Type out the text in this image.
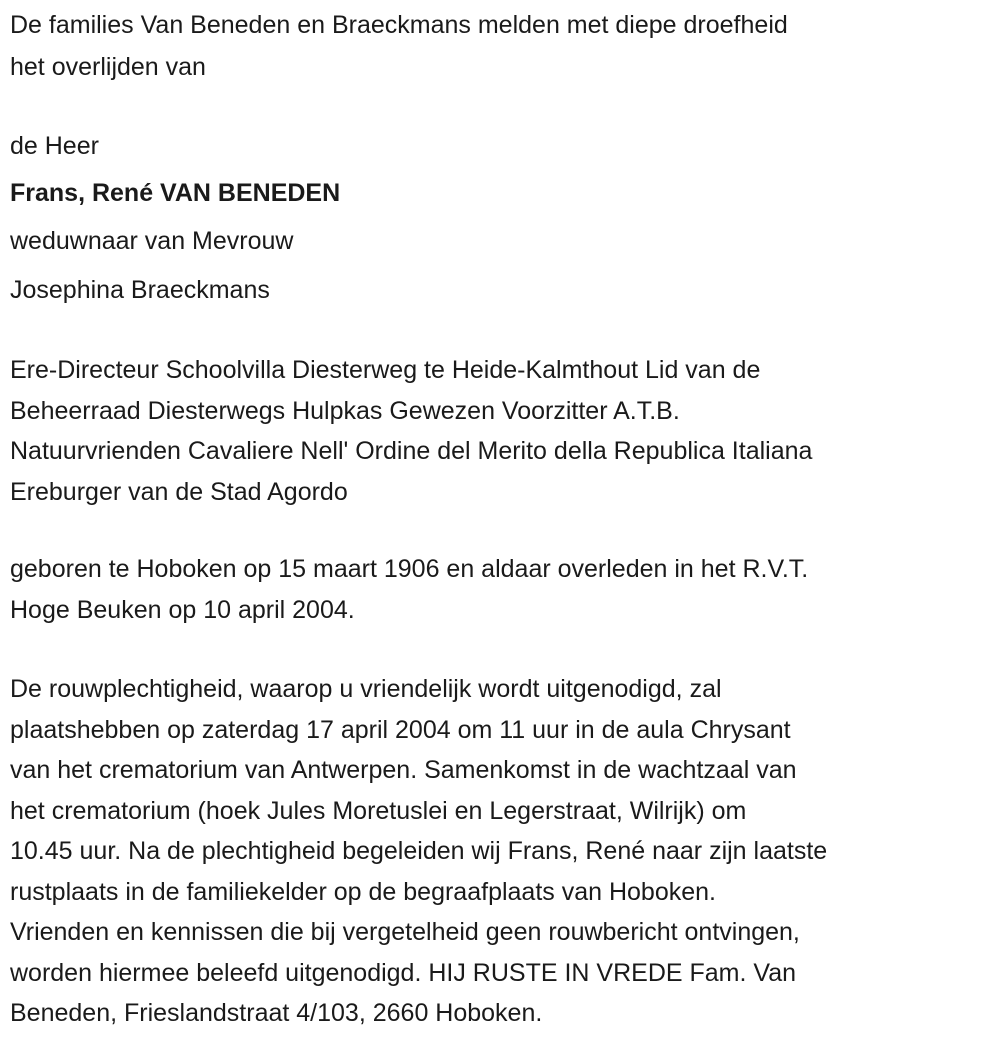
De families Van Beneden en Braeckmans melden met diepe droefheid
het overlijden van
de Heer
Frans, René VAN BENEDEN
weduwnaar van Mevrouw
Josephina Braeckmans
Ere-Directeur Schoolvilla Diesterweg te Heide-Kalmthout Lid van de
Beheerraad Diesterwegs Hulpkas Gewezen Voorzitter A.T.B.
Natuurvrienden Cavaliere Nell' Ordine del Merito della Republica Italiana
Ereburger van de Stad Agordo
geboren te Hoboken op 15 maart 1906 en aldaar overleden in het R.V.T.
Hoge Beuken op 10 april 2004.
De rouwplechtigheid, waarop u vriendelijk wordt uitgenodigd, zal
plaatshebben op zaterdag 17 april 2004 om 11 uur in de aula Chrysant
van het crematorium van Antwerpen. Samenkomst in de wachtzaal van
het crematorium (hoek Jules Moretuslei en Legerstraat, Wilrijk) om
10.45 uur. Na de plechtigheid begeleiden wij Frans, René naar zijn laatste
rustplaats in de familiekelder op de begraafplaats van Hoboken.
Vrienden en kennissen die bij vergetelheid geen rouwbericht ontvingen,
worden hiermee beleefd uitgenodigd. HIJ RUSTE IN VREDE Fam. Van
Beneden, Frieslandstraat 4/103, 2660 Hoboken.
